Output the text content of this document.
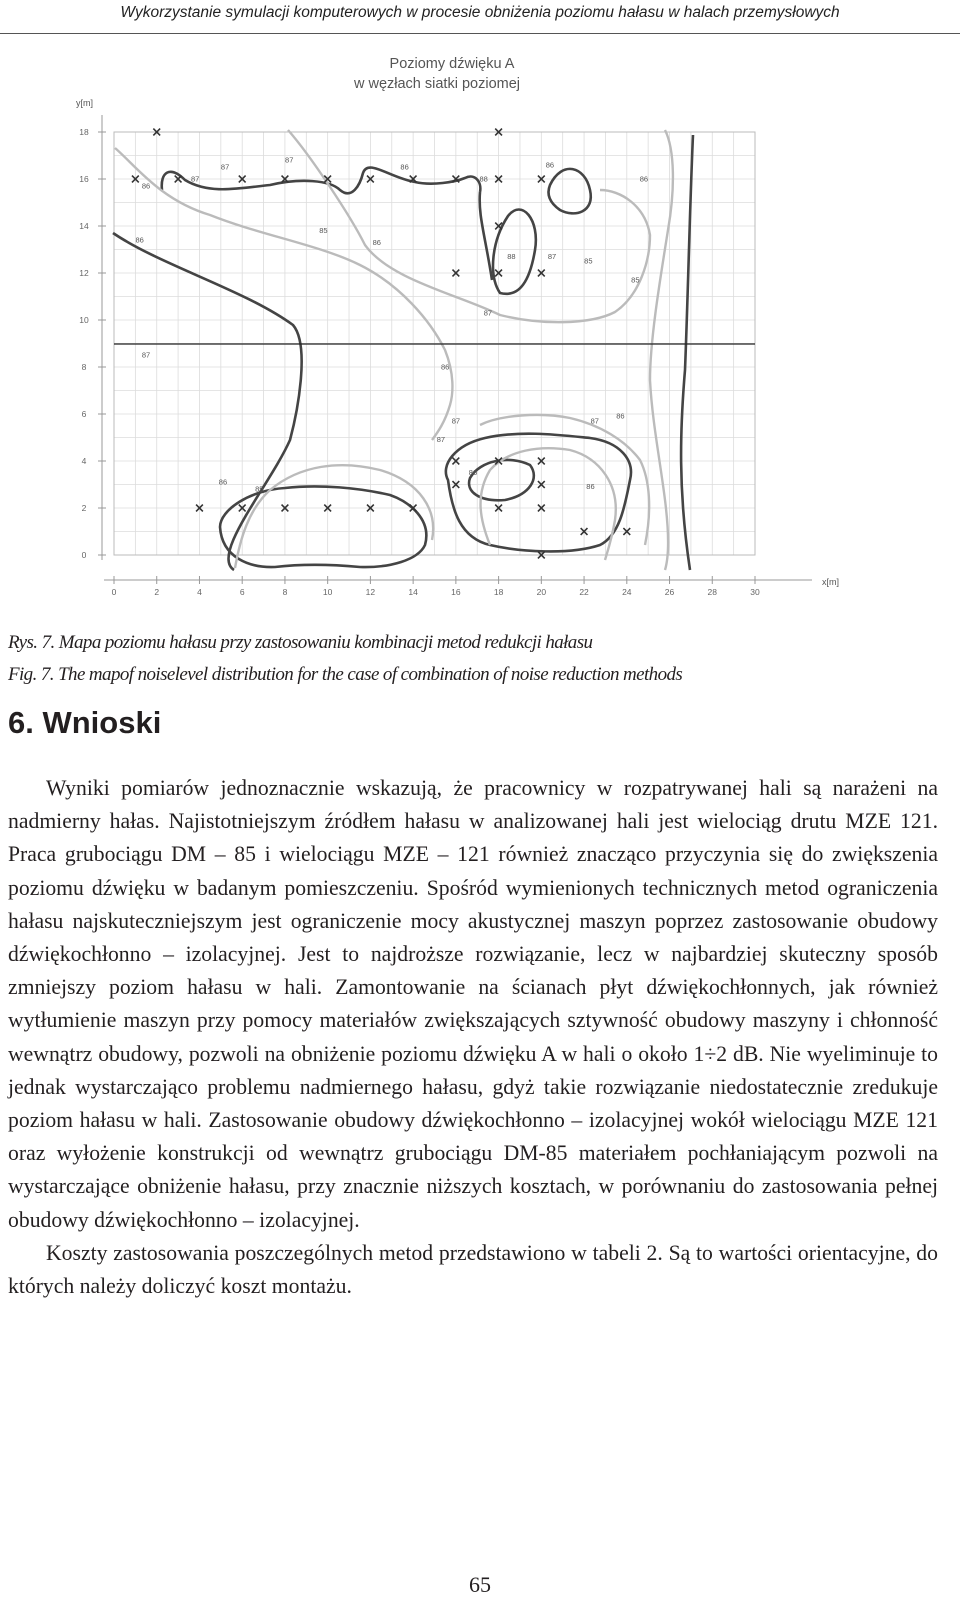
Wykorzystanie symulacji komputerowych w procesie obniżenia poziomu hałasu w halach przemysłowych
Poziomy dźwięku A
w węzłach siatki poziomej
y[m]
x[m]
87
86
87
87	86
88
86
86
85
86
86
88	87
85
85
87
87
86
87	87
86
87
86
86
86
85
0	2	4	6	8	10	12	14	16	18	20	22	24	26	28	30
0
2
4
6
8
10
12
14
16
18
Rys. 7. Mapa poziomu hałasu przy zastosowaniu kombinacji metod redukcji hałasu
Fig. 7. The mapof noiselevel distribution for the case of combination of noise reduction methods
6. Wnioski

Wyniki pomiarów jednoznacznie wskazują, że pracownicy w rozpatrywanej hali są narażeni na nadmierny hałas. Najistotniejszym źródłem hałasu w analizowanej hali jest wielociąg drutu MZE 121. Praca grubociągu DM – 85 i wielociągu MZE – 121 również znacząco przyczynia się do zwiększenia poziomu dźwięku w badanym pomieszczeniu. Spośród wymienionych technicznych metod ograniczenia hałasu najskuteczniejszym jest ograniczenie mocy akustycznej maszyn poprzez zastosowanie obudowy dźwiękochłonno – izolacyjnej. Jest to najdroższe rozwiązanie, lecz w najbardziej skuteczny sposób zmniejszy poziom hałasu w hali. Zamontowanie na ścianach płyt dźwiękochłonnych, jak również wytłumienie maszyn przy pomocy materiałów zwiększających sztywność obudowy maszyny i chłonność wewnątrz obudowy, pozwoli na obniżenie poziomu dźwięku A w hali o około 1÷2 dB. Nie wyeliminuje to jednak wystarczająco problemu nadmiernego hałasu, gdyż takie rozwiązanie niedostatecznie zredukuje poziom hałasu w hali. Zastosowanie obudowy dźwiękochłonno – izolacyjnej wokół wielociągu MZE 121 oraz wyłożenie konstrukcji od wewnątrz grubociągu DM-85 materiałem pochłaniającym pozwoli na wystarczające obniżenie hałasu, przy znacznie niższych kosztach, w porównaniu do zastosowania pełnej obudowy dźwiękochłonno – izolacyjnej.

Koszty zastosowania poszczególnych metod przedstawiono w tabeli 2. Są to wartości orientacyjne, do których należy doliczyć koszt montażu.

65
